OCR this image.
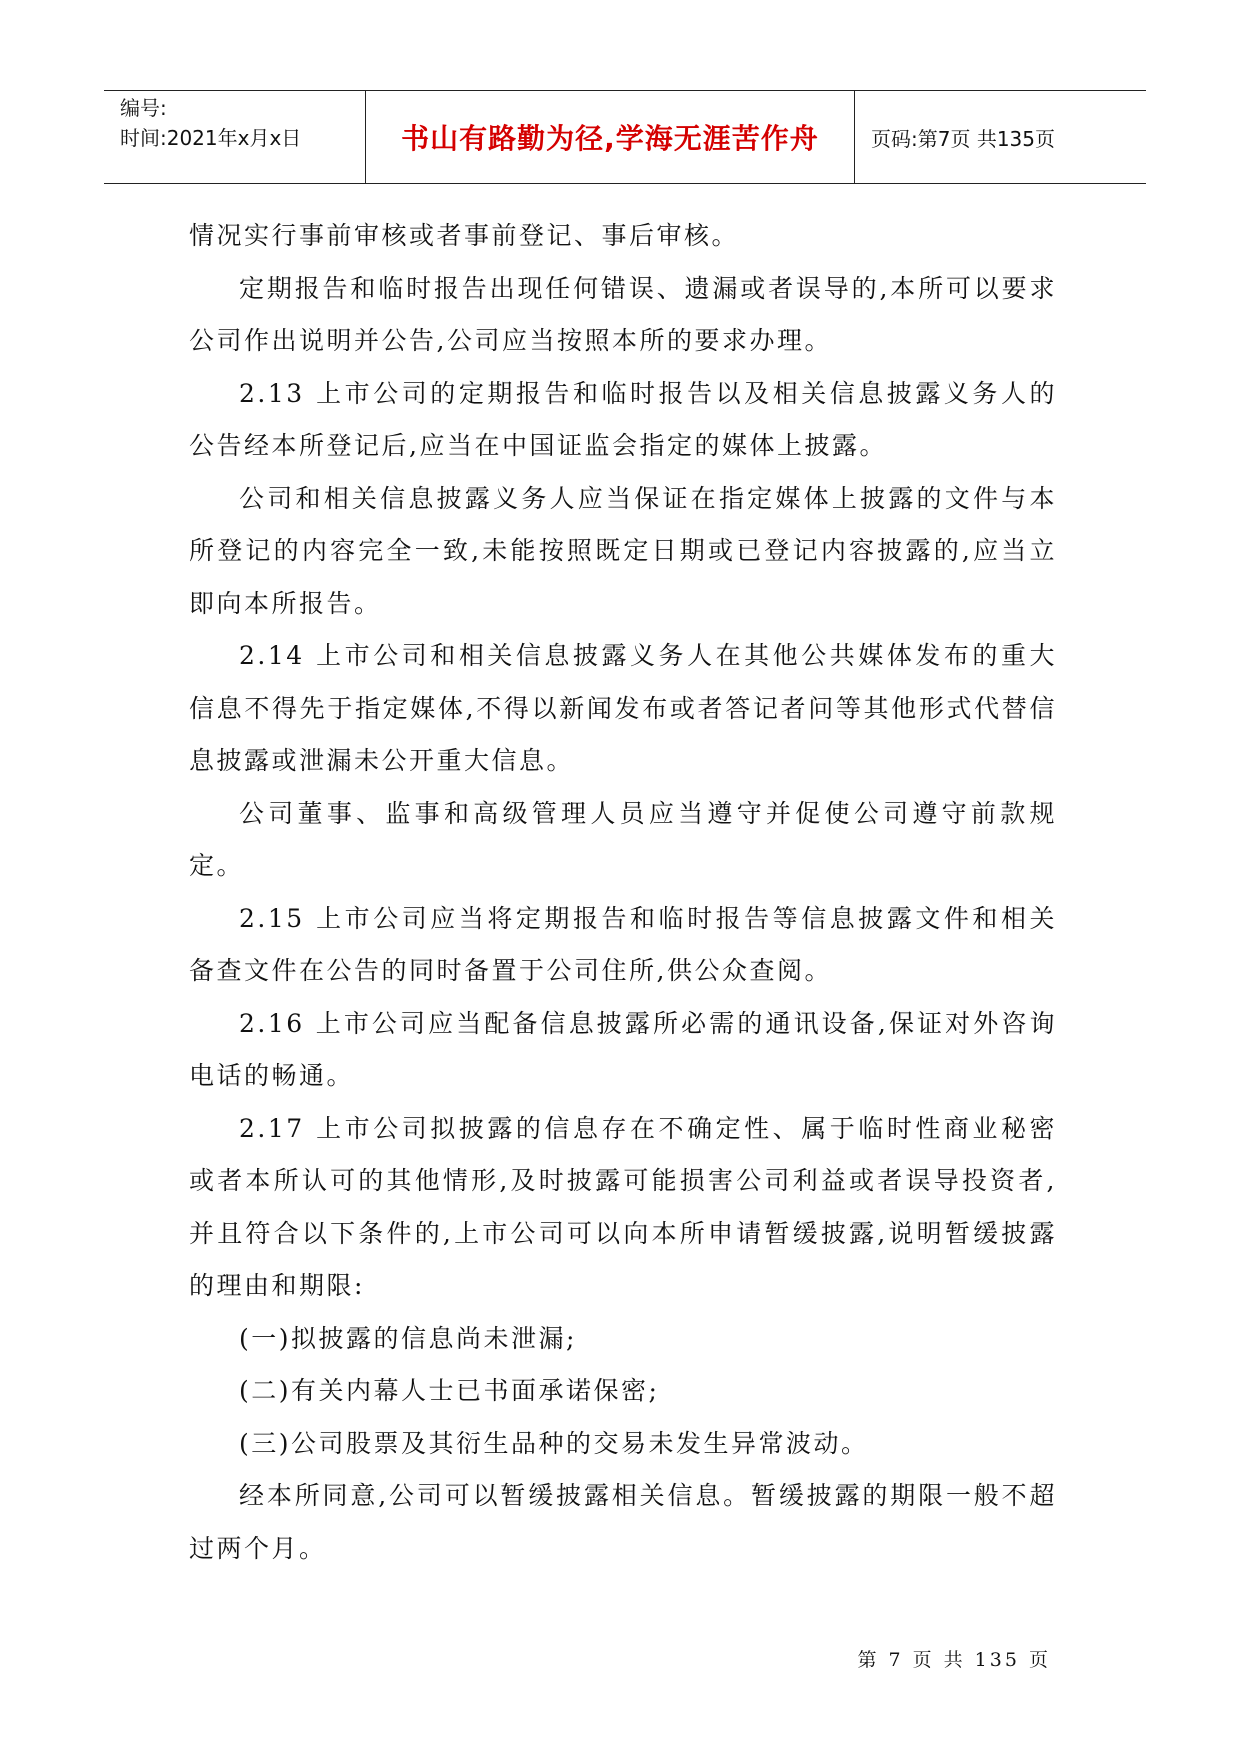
编号:
时间:2021年x月x日	书山有路勤为径,学海无涯苦作舟	页码:第7页 共135页

情况实行事前审核或者事前登记、事后审核。

定期报告和临时报告出现任何错误、遗漏或者误导的,本所可以要求公司作出说明并公告,公司应当按照本所的要求办理。

2.13 上市公司的定期报告和临时报告以及相关信息披露义务人的公告经本所登记后,应当在中国证监会指定的媒体上披露。

公司和相关信息披露义务人应当保证在指定媒体上披露的文件与本所登记的内容完全一致,未能按照既定日期或已登记内容披露的,应当立即向本所报告。

2.14 上市公司和相关信息披露义务人在其他公共媒体发布的重大信息不得先于指定媒体,不得以新闻发布或者答记者问等其他形式代替信息披露或泄漏未公开重大信息。

公司董事、监事和高级管理人员应当遵守并促使公司遵守前款规定。

2.15 上市公司应当将定期报告和临时报告等信息披露文件和相关备查文件在公告的同时备置于公司住所,供公众查阅。

2.16 上市公司应当配备信息披露所必需的通讯设备,保证对外咨询电话的畅通。

2.17 上市公司拟披露的信息存在不确定性、属于临时性商业秘密或者本所认可的其他情形,及时披露可能损害公司利益或者误导投资者,并且符合以下条件的,上市公司可以向本所申请暂缓披露,说明暂缓披露的理由和期限:

(一)拟披露的信息尚未泄漏;

(二)有关内幕人士已书面承诺保密;

(三)公司股票及其衍生品种的交易未发生异常波动。

经本所同意,公司可以暂缓披露相关信息。暂缓披露的期限一般不超过两个月。

第 7 页 共 135 页
